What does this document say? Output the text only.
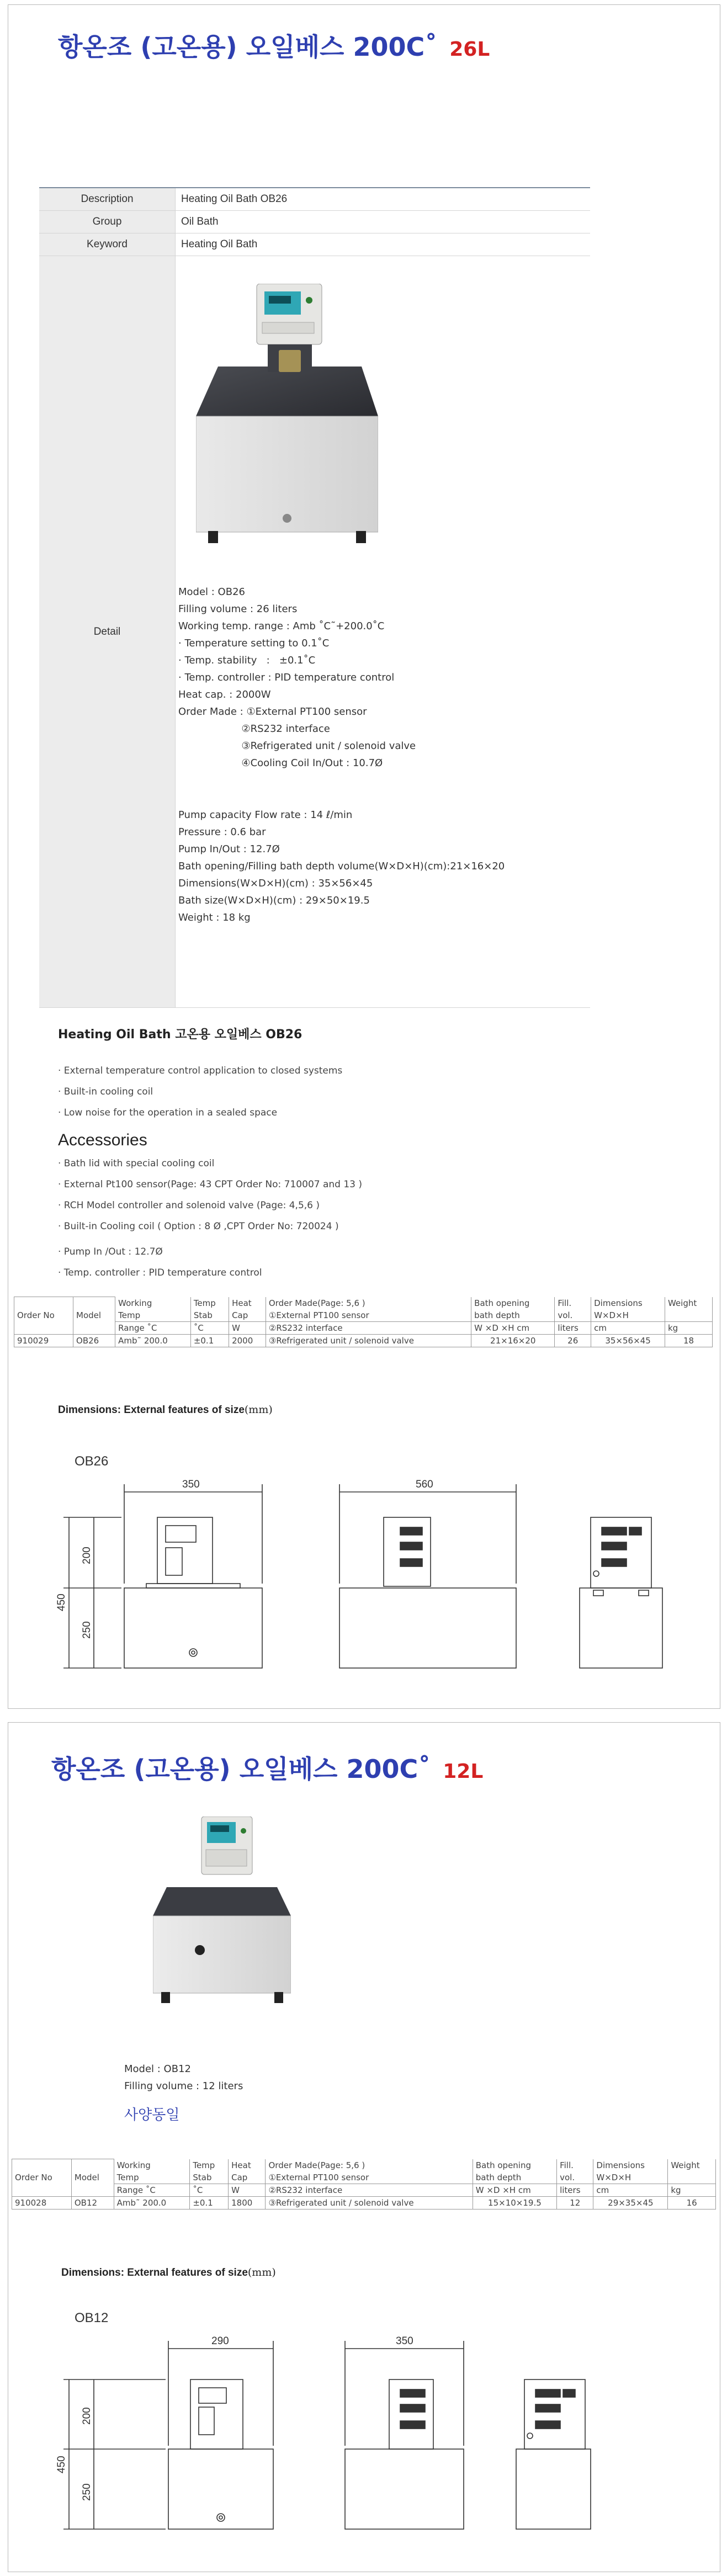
항온조 (고온용) 오일베스 200C˚ 26L
Description	Heating Oil Bath OB26
Group	Oil Bath
Keyword	Heating Oil Bath
Detail	
Model : OB26
Filling volume : 26 liters
Working temp. range : Amb ˚C˜+200.0˚C
· Temperature setting to 0.1˚C
· Temp. stability   :   ±0.1˚C
· Temp. controller : PID temperature control
Heat cap. : 2000W
Order Made : ①External PT100 sensor
②RS232 interface
③Refrigerated unit / solenoid valve
④Cooling Coil In/Out : 10.7Ø
Pump capacity Flow rate : 14 ℓ/min
Pressure : 0.6 bar
Pump In/Out : 12.7Ø
Bath opening/Filling bath depth volume(W×D×H)(cm):21×16×20
Dimensions(W×D×H)(cm) : 35×56×45
Bath size(W×D×H)(cm) : 29×50×19.5
Weight : 18 kg
Heating Oil Bath 고온용 오일베스 OB26
· External temperature control application to closed systems
· Built-in cooling coil
· Low noise for the operation in a sealed space
Accessories
· Bath lid with special cooling coil
· External Pt100 sensor(Page: 43 CPT Order No: 710007 and 13 )
· RCH Model controller and solenoid valve (Page: 4,5,6 )
· Built-in Cooling coil ( Option : 8 Ø ,CPT Order No: 720024 )
· Pump In /Out : 12.7Ø
· Temp. controller : PID temperature control
Order No	Model	Working	Temp	Heat	Order Made(Page: 5,6 )	Bath opening	Fill.	Dimensions	Weight
		Temp	Stab	Cap	①External PT100 sensor	bath depth	vol.	W×D×H	
		Range ˚C	˚C	W	②RS232 interface	W ×D ×H cm	liters	cm	kg
910029	OB26	Amb˜ 200.0	±0.1	2000	③Refrigerated unit / solenoid valve	21×16×20	26	35×56×45	18
Dimensions: External features of size(mm)
OB26
350	560
450
200
250
항온조 (고온용) 오일베스 200C˚ 12L
Model : OB12
Filling volume : 12 liters
사양동일
Order No	Model	Working	Temp	Heat	Order Made(Page: 5,6 )	Bath opening	Fill.	Dimensions	Weight
		Temp	Stab	Cap	①External PT100 sensor	bath depth	vol.	W×D×H	
		Range ˚C	˚C	W	②RS232 interface	W ×D ×H cm	liters	cm	kg
910028	OB12	Amb˜ 200.0	±0.1	1800	③Refrigerated unit / solenoid valve	15×10×19.5	12	29×35×45	16
Dimensions: External features of size(mm)
OB12
290	350
450
200
250
